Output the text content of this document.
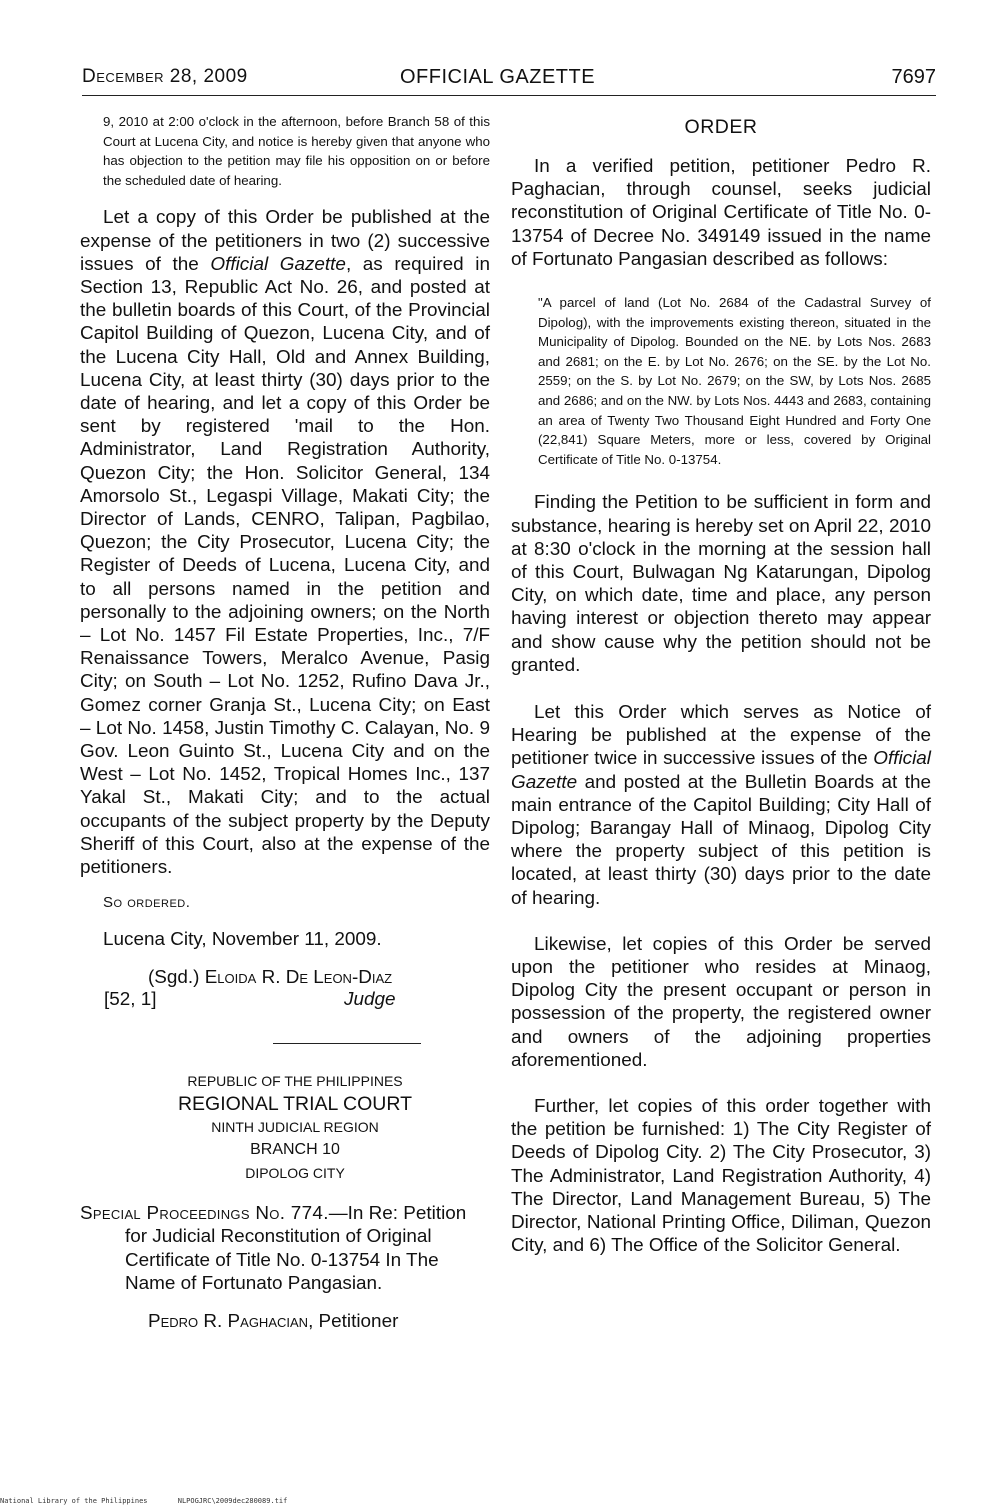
December 28, 2009	OFFICIAL GAZETTE	7697

9, 2010 at 2:00 o'clock in the afternoon, before Branch 58 of this Court at Lucena City, and notice is hereby given that anyone who has objection to the petition may file his opposition on or before the scheduled date of hearing.

Let a copy of this Order be published at the expense of the petitioners in two (2) successive issues of the Official Gazette, as required in Section 13, Republic Act No. 26, and posted at the bulletin boards of this Court, of the Provincial Capitol Building of Quezon, Lucena City, and of the Lucena City Hall, Old and Annex Building, Lucena City, at least thirty (30) days prior to the date of hearing, and let a copy of this Order be sent by registered 'mail to the Hon. Administrator, Land Registration Authority, Quezon City; the Hon. Solicitor General, 134 Amorsolo St., Legaspi Village, Makati City; the Director of Lands, CENRO, Talipan, Pagbilao, Quezon; the City Prosecutor, Lucena City; the Register of Deeds of Lucena, Lucena City, and to all persons named in the petition and personally to the adjoining owners; on the North – Lot No. 1457 Fil Estate Properties, Inc., 7/F Renaissance Towers, Meralco Avenue, Pasig City; on South – Lot No. 1252, Rufino Dava Jr., Gomez corner Granja St., Lucena City; on East – Lot No. 1458, Justin Timothy C. Calayan, No. 9 Gov. Leon Guinto St., Lucena City and on the West – Lot No. 1452, Tropical Homes Inc., 137 Yakal St., Makati City; and to the actual occupants of the subject property by the Deputy Sheriff of this Court, also at the expense of the petitioners.

So ordered.
Lucena City, November 11, 2009.
(Sgd.) Eloida R. De Leon-Diaz
[52, 1]	Judge
REPUBLIC OF THE PHILIPPINES
REGIONAL TRIAL COURT
NINTH JUDICIAL REGION
BRANCH 10
DIPOLOG CITY

Special Proceedings No. 774.—In Re: Petition for Judicial Reconstitution of Original Certificate of Title No. 0-13754 In The Name of Fortunato Pangasian.

Pedro R. Paghacian, Petitioner
ORDER

In a verified petition, petitioner Pedro R. Paghacian, through counsel, seeks judicial reconstitution of Original Certificate of Title No. 0-13754 of Decree No. 349149 issued in the name of Fortunato Pangasian described as follows:

"A parcel of land (Lot No. 2684 of the Cadastral Survey of Dipolog), with the improvements existing thereon, situated in the Municipality of Dipolog. Bounded on the NE. by Lots Nos. 2683 and 2681; on the E. by Lot No. 2676; on the SE. by the Lot No. 2559; on the S. by Lot No. 2679; on the SW, by Lots Nos. 2685 and 2686; and on the NW. by Lots Nos. 4443 and 2683, containing an area of Twenty Two Thousand Eight Hundred and Forty One (22,841) Square Meters, more or less, covered by Original Certificate of Title No. 0-13754.

Finding the Petition to be sufficient in form and substance, hearing is hereby set on April 22, 2010 at 8:30 o'clock in the morning at the session hall of this Court, Bulwagan Ng Katarungan, Dipolog City, on which date, time and place, any person having interest or objection thereto may appear and show cause why the petition should not be granted.

Let this Order which serves as Notice of Hearing be published at the expense of the petitioner twice in successive issues of the Official Gazette and posted at the Bulletin Boards at the main entrance of the Capitol Building; City Hall of Dipolog; Barangay Hall of Minaog, Dipolog City where the property subject of this petition is located, at least thirty (30) days prior to the date of hearing.

Likewise, let copies of this Order be served upon the petitioner who resides at Minaog, Dipolog City the present occupant or person in possession of the property, the registered owner and owners of the adjoining properties aforementioned.

Further, let copies of this order together with the petition be furnished: 1) The City Register of Deeds of Dipolog City. 2) The City Prosecutor, 3) The Administrator, Land Registration Authority, 4) The Director, Land Management Bureau, 5) The Director, National Printing Office, Diliman, Quezon City, and 6) The Office of the Solicitor General.

National Library of the Philippines	NLPOGJRC\2009dec280089.tif
